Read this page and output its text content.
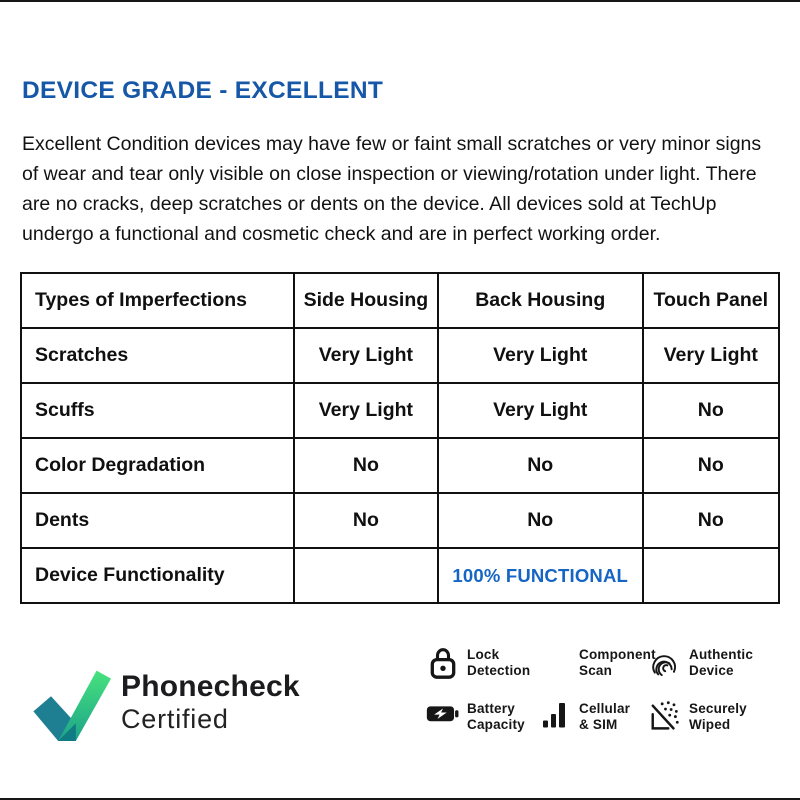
DEVICE GRADE - EXCELLENT
Excellent Condition devices may have few or faint small scratches or very minor signs
of wear and tear only visible on close inspection or viewing/rotation under light. There
are no cracks, deep scratches or dents on the device. All devices sold at TechUp
undergo a functional and cosmetic check and are in perfect working order.
Types of Imperfections	Side Housing	Back Housing	Touch Panel
Scratches	Very Light	Very Light	Very Light
Scuffs	Very Light	Very Light	No
Color Degradation	No	No	No
Dents	No	No	No
Device Functionality		100% FUNCTIONAL	
Phonecheck
Certified
Lock
Detection
Component
Scan
Authentic
Device
Battery
Capacity
Cellular
& SIM
Securely
Wiped
